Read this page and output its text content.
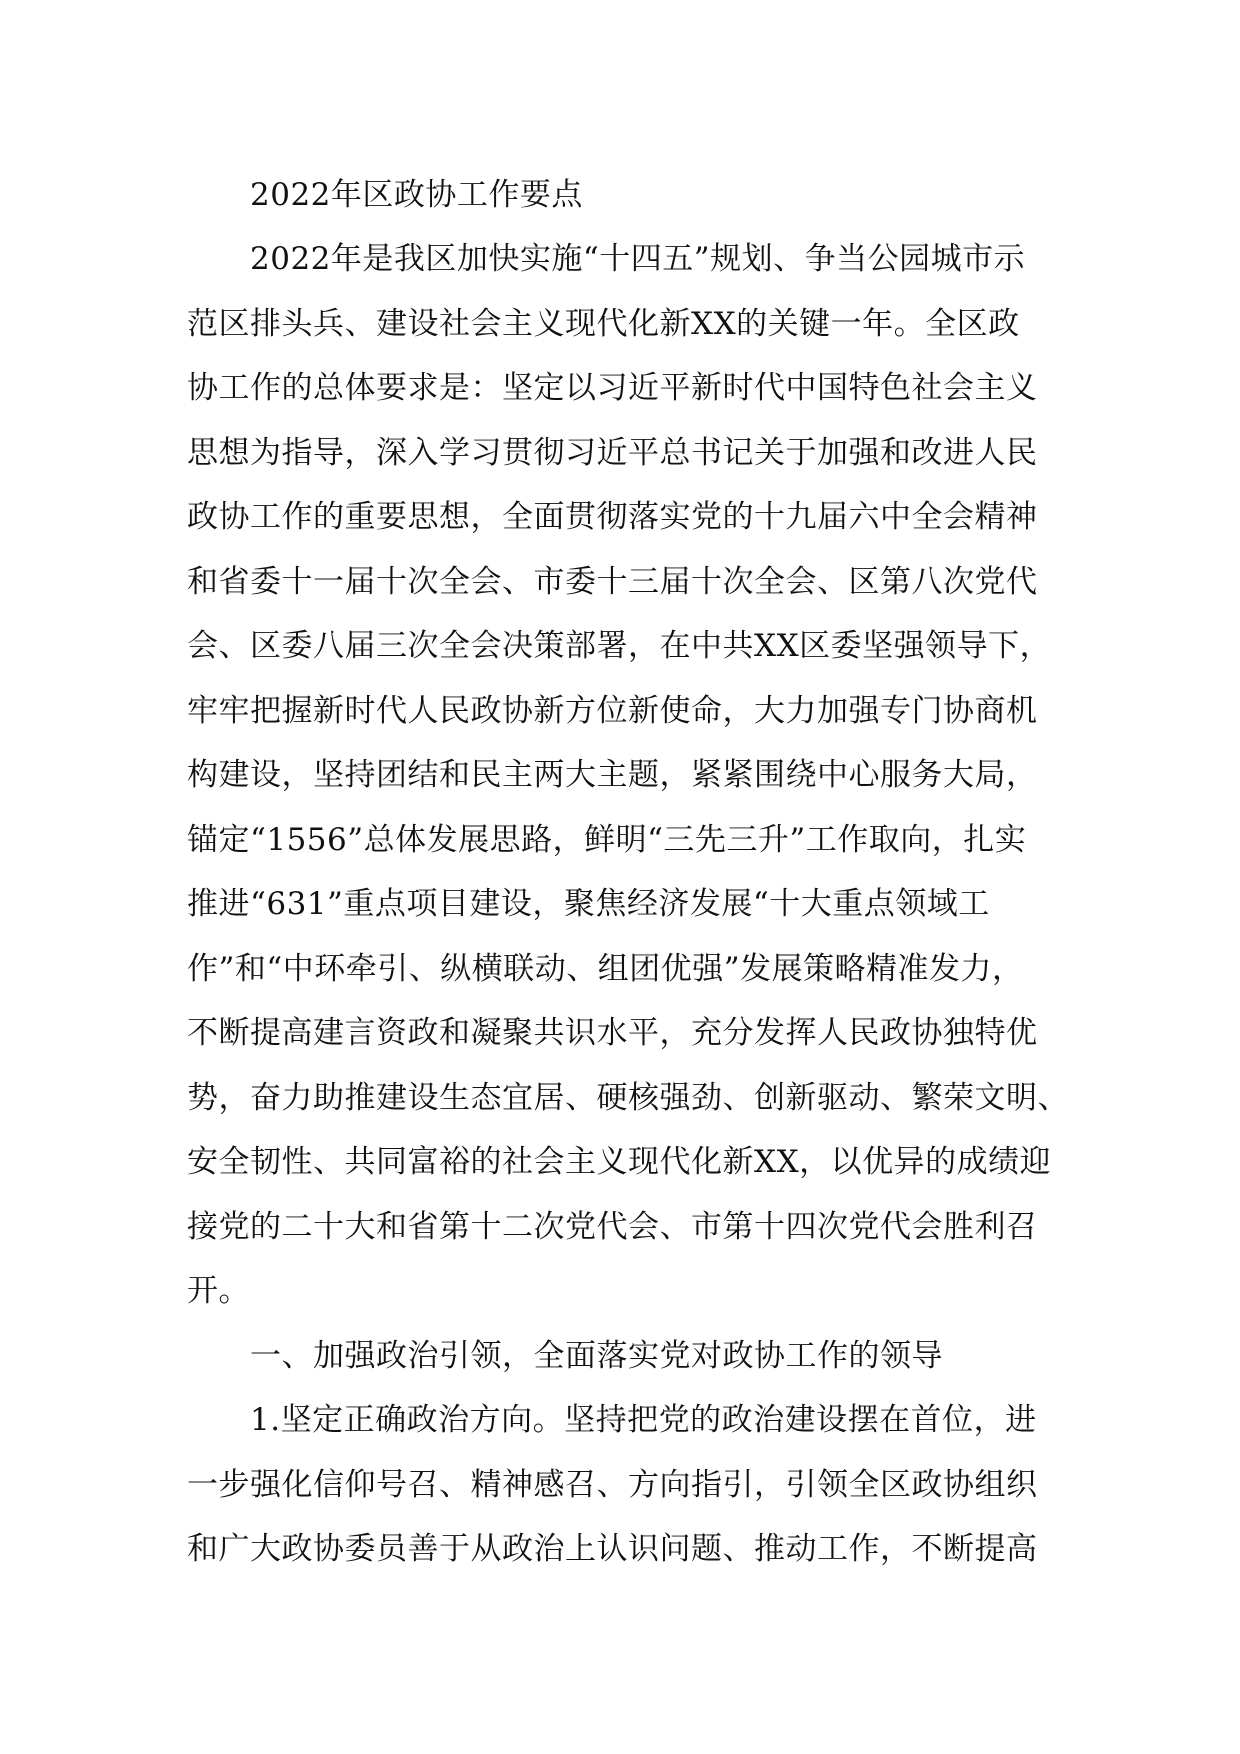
2022年区政协工作要点
2022年是我区加快实施“十四五”规划、争当公园城市示
范区排头兵、建设社会主义现代化新XX的关键一年。全区政
协工作的总体要求是：坚定以习近平新时代中国特色社会主义
思想为指导，深入学习贯彻习近平总书记关于加强和改进人民
政协工作的重要思想，全面贯彻落实党的十九届六中全会精神
和省委十一届十次全会、市委十三届十次全会、区第八次党代
会、区委八届三次全会决策部署，在中共XX区委坚强领导下，
牢牢把握新时代人民政协新方位新使命，大力加强专门协商机
构建设，坚持团结和民主两大主题，紧紧围绕中心服务大局，
锚定“1556”总体发展思路，鲜明“三先三升”工作取向，扎实
推进“631”重点项目建设，聚焦经济发展“十大重点领域工
作”和“中环牵引、纵横联动、组团优强”发展策略精准发力，
不断提高建言资政和凝聚共识水平，充分发挥人民政协独特优
势，奋力助推建设生态宜居、硬核强劲、创新驱动、繁荣文明、
安全韧性、共同富裕的社会主义现代化新XX，以优异的成绩迎
接党的二十大和省第十二次党代会、市第十四次党代会胜利召
开。
一、加强政治引领，全面落实党对政协工作的领导
1.坚定正确政治方向。坚持把党的政治建设摆在首位，进
一步强化信仰号召、精神感召、方向指引，引领全区政协组织
和广大政协委员善于从政治上认识问题、推动工作，不断提高
